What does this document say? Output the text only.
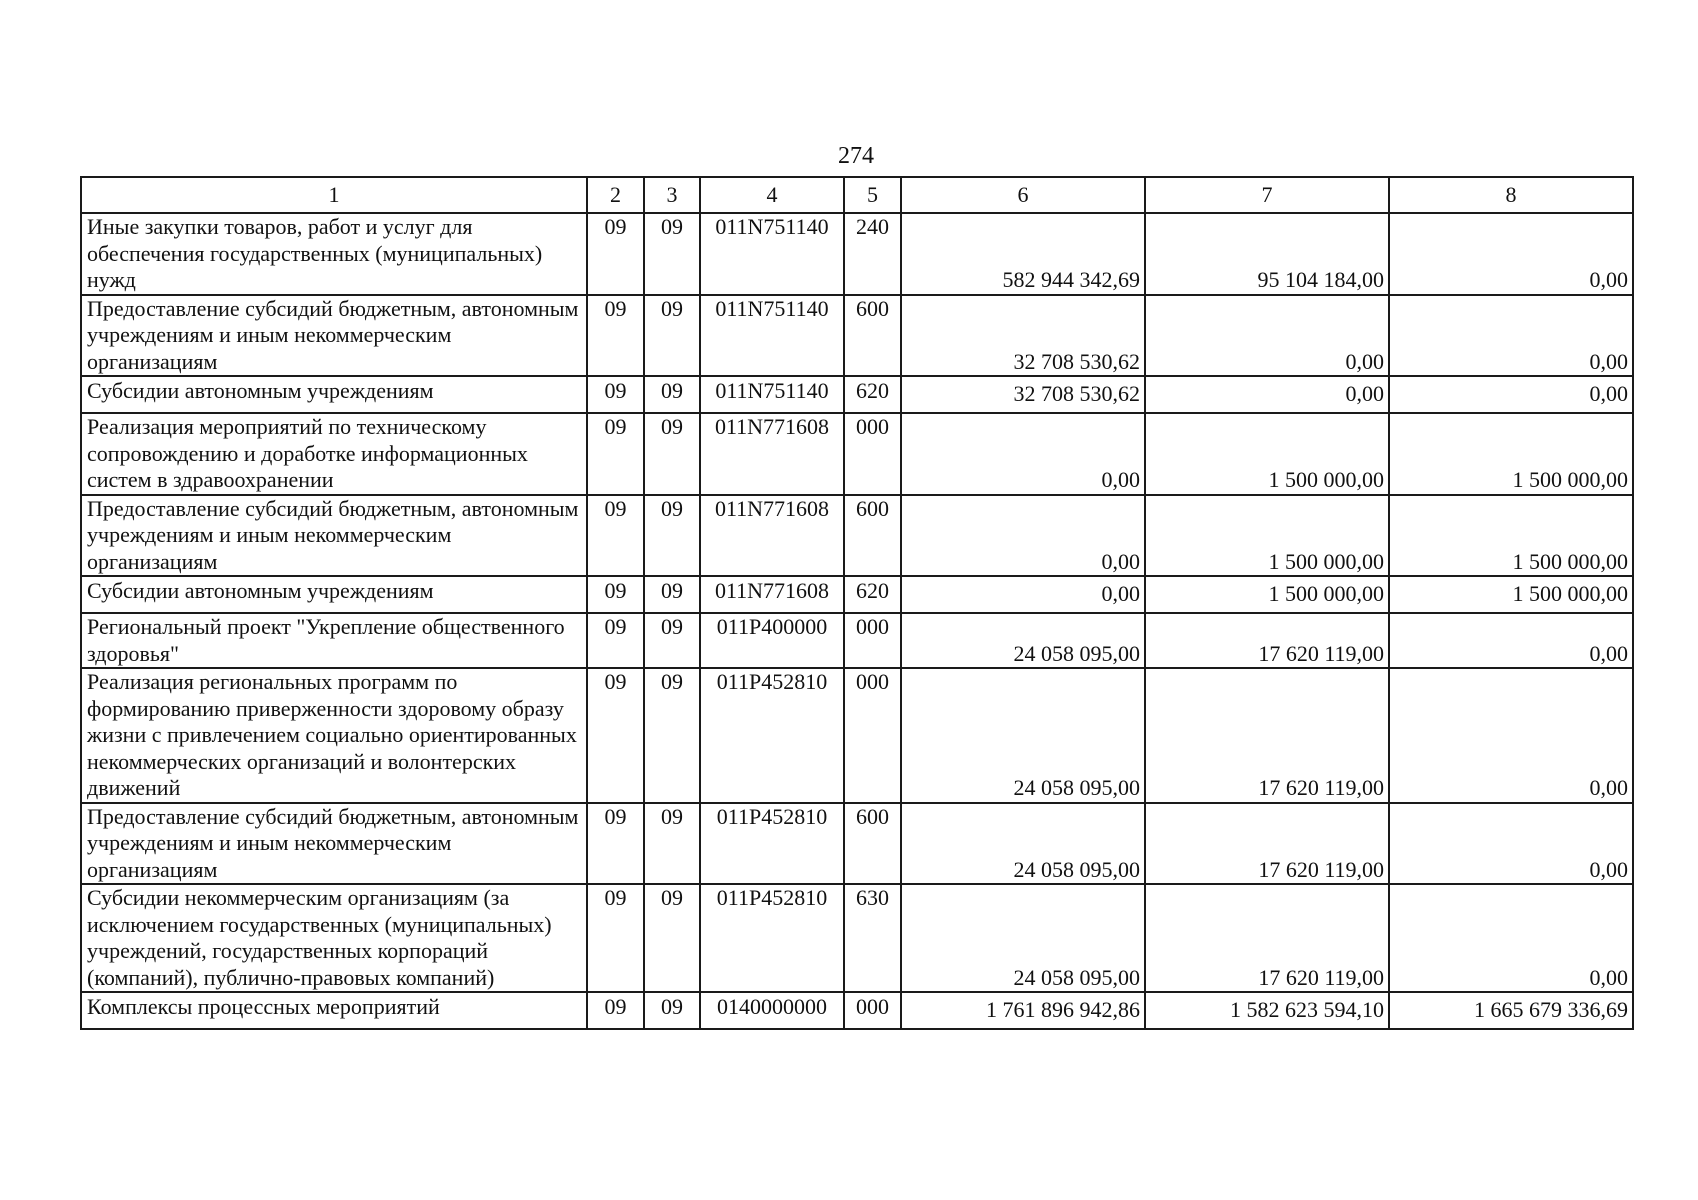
274
1	2	3	4	5	6	7	8
Иные закупки товаров, работ и услуг для обеспечения государственных (муниципальных) нужд	09	09	011N751140	240	582 944 342,69	95 104 184,00	0,00
Предоставление субсидий бюджетным, автономным учреждениям и иным некоммерческим организациям	09	09	011N751140	600	32 708 530,62	0,00	0,00
Субсидии автономным учреждениям	09	09	011N751140	620	32 708 530,62	0,00	0,00
Реализация мероприятий по техническому сопровождению и доработке информационных систем в здравоохранении	09	09	011N771608	000	0,00	1 500 000,00	1 500 000,00
Предоставление субсидий бюджетным, автономным учреждениям и иным некоммерческим организациям	09	09	011N771608	600	0,00	1 500 000,00	1 500 000,00
Субсидии автономным учреждениям	09	09	011N771608	620	0,00	1 500 000,00	1 500 000,00
Региональный проект "Укрепление общественного здоровья"	09	09	011P400000	000	24 058 095,00	17 620 119,00	0,00
Реализация региональных программ по формированию приверженности здоровому образу жизни с привлечением социально ориентированных некоммерческих организаций и волонтерских движений	09	09	011P452810	000	24 058 095,00	17 620 119,00	0,00
Предоставление субсидий бюджетным, автономным учреждениям и иным некоммерческим организациям	09	09	011P452810	600	24 058 095,00	17 620 119,00	0,00
Субсидии некоммерческим организациям (за исключением государственных (муниципальных) учреждений, государственных корпораций (компаний), публично-правовых компаний)	09	09	011P452810	630	24 058 095,00	17 620 119,00	0,00
Комплексы процессных мероприятий	09	09	0140000000	000	1 761 896 942,86	1 582 623 594,10	1 665 679 336,69
